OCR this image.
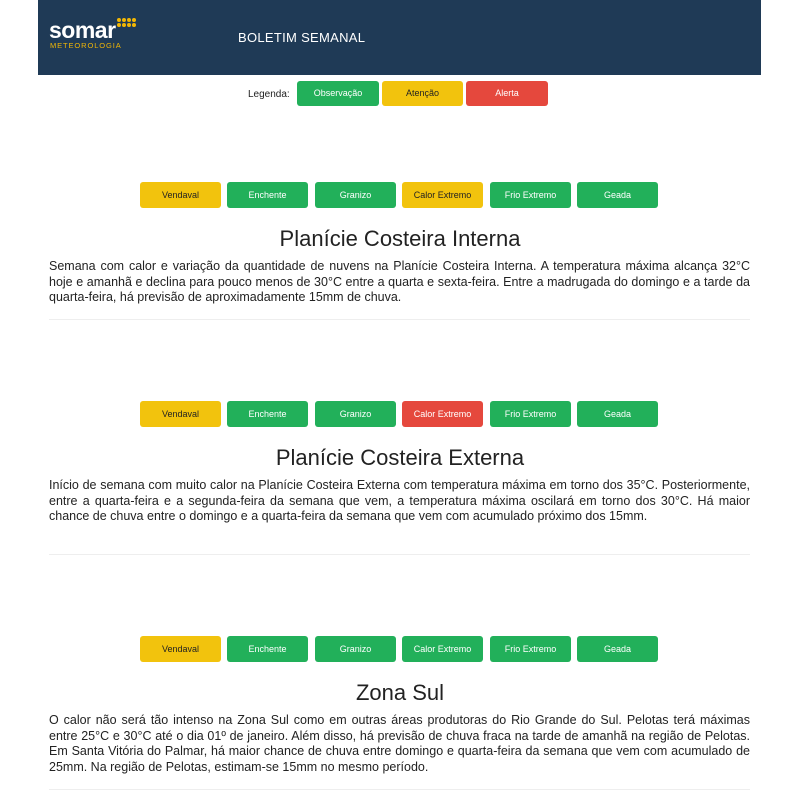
somar
METEOROLOGIA
BOLETIM SEMANAL
Legenda:	Observação	Atenção	Alerta
Vendaval	Enchente	Granizo	Calor Extremo	Frio Extremo	Geada
Planície Costeira Interna
Semana com calor e variação da quantidade de nuvens na Planície Costeira Interna. A temperatura máxima alcança 32°C hoje e amanhã e declina para pouco menos de 30°C entre a quarta e sexta-feira. Entre a madrugada do domingo e a tarde da quarta-feira, há previsão de aproximadamente 15mm de chuva.
Vendaval	Enchente	Granizo	Calor Extremo	Frio Extremo	Geada
Planície Costeira Externa
Início de semana com muito calor na Planície Costeira Externa com temperatura máxima em torno dos 35°C. Posteriormente, entre a quarta-feira e a segunda-feira da semana que vem, a temperatura máxima oscilará em torno dos 30°C. Há maior chance de chuva entre o domingo e a quarta-feira da semana que vem com acumulado próximo dos 15mm.
Vendaval	Enchente	Granizo	Calor Extremo	Frio Extremo	Geada
Zona Sul
O calor não será tão intenso na Zona Sul como em outras áreas produtoras do Rio Grande do Sul. Pelotas terá máximas entre 25°C e 30°C até o dia 01º de janeiro. Além disso, há previsão de chuva fraca na tarde de amanhã na região de Pelotas. Em Santa Vitória do Palmar, há maior chance de chuva entre domingo e quarta-feira da semana que vem com acumulado de 25mm. Na região de Pelotas, estimam-se 15mm no mesmo período.
